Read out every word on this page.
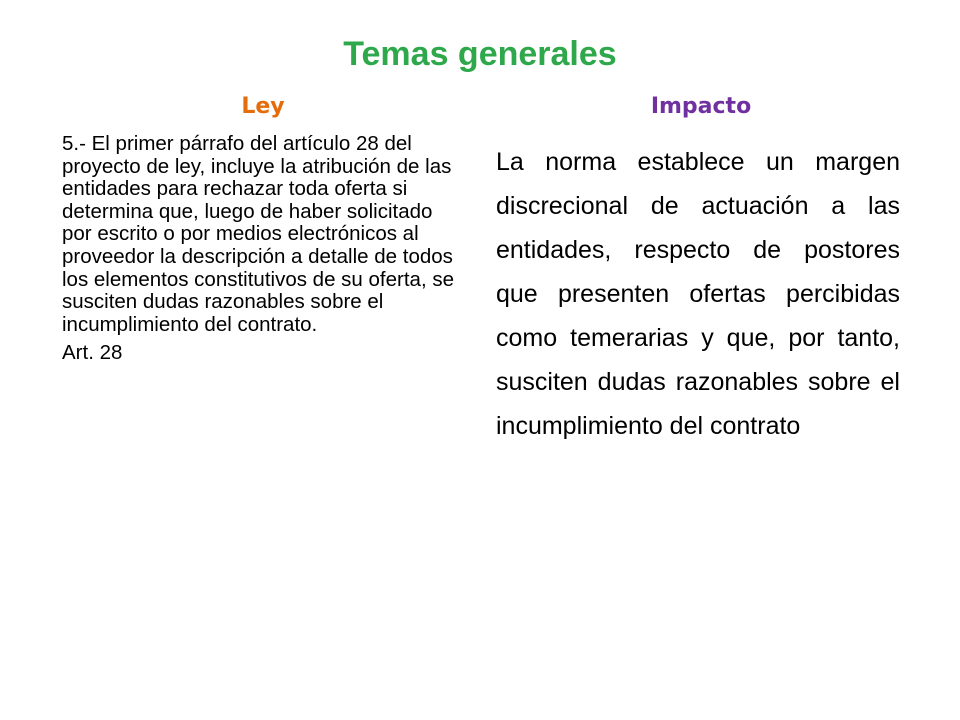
Temas generales
Ley	Impacto

5.- El primer párrafo del artículo 28 del proyecto de ley, incluye la atribución de las entidades para rechazar toda oferta si determina que, luego de haber solicitado por escrito o por medios electrónicos al proveedor la descripción a detalle de todos los elementos constitutivos de su oferta, se susciten dudas razonables sobre el incumplimiento del contrato.

Art. 28

La norma establece un margen discrecional de actuación a las entidades, respecto de postores que presenten ofertas percibidas como temerarias y que, por tanto, susciten dudas razonables sobre el incumplimiento del contrato
